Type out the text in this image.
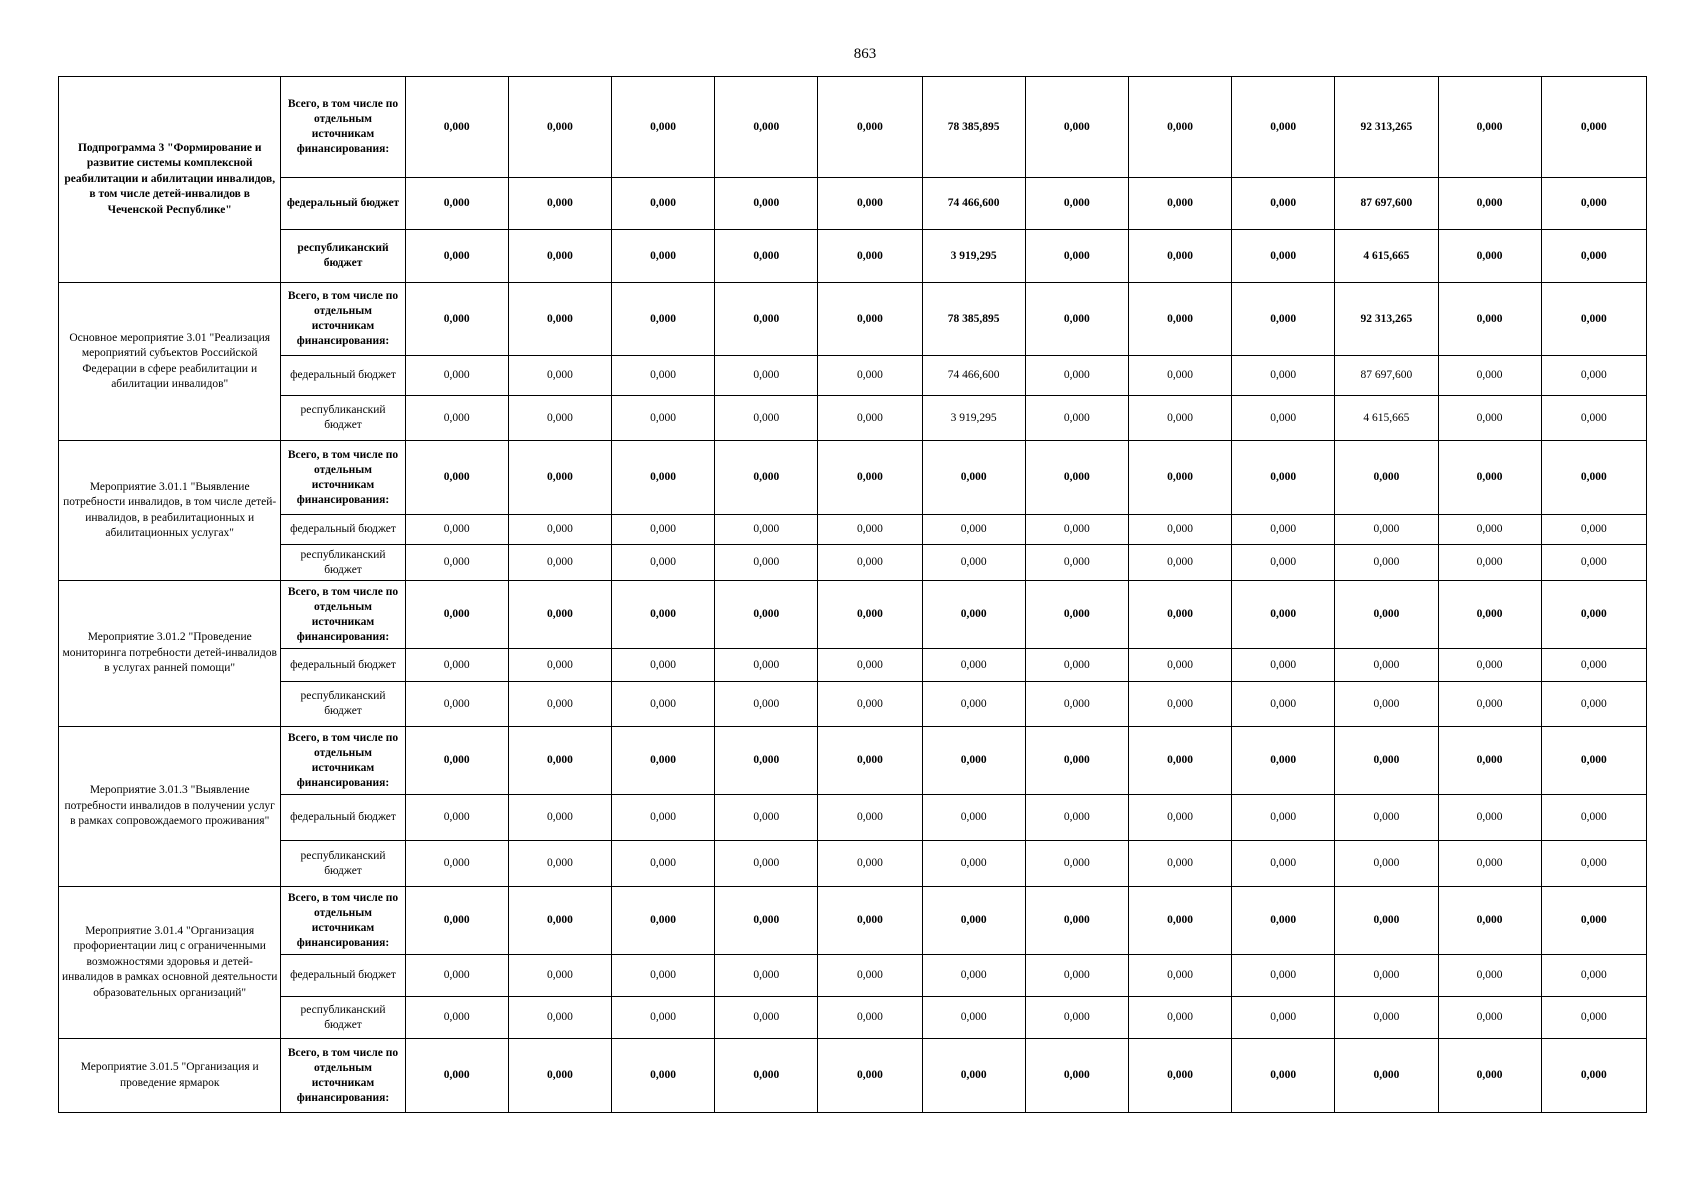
863
Подпрограмма 3 "Формирование и развитие системы комплексной реабилитации и абилитации инвалидов, в том числе детей-инвалидов в Чеченской Республике"	Всего, в том числе по отдельным источникам финансирования:	0,000	0,000	0,000	0,000	0,000	78 385,895	0,000	0,000	0,000	92 313,265	0,000	0,000
	федеральный бюджет	0,000	0,000	0,000	0,000	0,000	74 466,600	0,000	0,000	0,000	87 697,600	0,000	0,000
	республиканский бюджет	0,000	0,000	0,000	0,000	0,000	3 919,295	0,000	0,000	0,000	4 615,665	0,000	0,000
Основное мероприятие 3.01 "Реализация мероприятий субъектов Российской Федерации в сфере реабилитации и абилитации инвалидов"	Всего, в том числе по отдельным источникам финансирования:	0,000	0,000	0,000	0,000	0,000	78 385,895	0,000	0,000	0,000	92 313,265	0,000	0,000
	федеральный бюджет	0,000	0,000	0,000	0,000	0,000	74 466,600	0,000	0,000	0,000	87 697,600	0,000	0,000
	республиканский бюджет	0,000	0,000	0,000	0,000	0,000	3 919,295	0,000	0,000	0,000	4 615,665	0,000	0,000
Мероприятие 3.01.1 "Выявление потребности инвалидов, в том числе детей-инвалидов, в реабилитационных и абилитационных услугах"	Всего, в том числе по отдельным источникам финансирования:	0,000	0,000	0,000	0,000	0,000	0,000	0,000	0,000	0,000	0,000	0,000	0,000
	федеральный бюджет	0,000	0,000	0,000	0,000	0,000	0,000	0,000	0,000	0,000	0,000	0,000	0,000
	республиканский бюджет	0,000	0,000	0,000	0,000	0,000	0,000	0,000	0,000	0,000	0,000	0,000	0,000
Мероприятие 3.01.2 "Проведение мониторинга потребности детей-инвалидов в услугах ранней помощи"	Всего, в том числе по отдельным источникам финансирования:	0,000	0,000	0,000	0,000	0,000	0,000	0,000	0,000	0,000	0,000	0,000	0,000
	федеральный бюджет	0,000	0,000	0,000	0,000	0,000	0,000	0,000	0,000	0,000	0,000	0,000	0,000
	республиканский бюджет	0,000	0,000	0,000	0,000	0,000	0,000	0,000	0,000	0,000	0,000	0,000	0,000
Мероприятие 3.01.3 "Выявление потребности инвалидов в получении услуг в рамках сопровождаемого проживания"	Всего, в том числе по отдельным источникам финансирования:	0,000	0,000	0,000	0,000	0,000	0,000	0,000	0,000	0,000	0,000	0,000	0,000
	федеральный бюджет	0,000	0,000	0,000	0,000	0,000	0,000	0,000	0,000	0,000	0,000	0,000	0,000
	республиканский бюджет	0,000	0,000	0,000	0,000	0,000	0,000	0,000	0,000	0,000	0,000	0,000	0,000
Мероприятие 3.01.4 "Организация профориентации лиц с ограниченными возможностями здоровья и детей-инвалидов в рамках основной деятельности образовательных организаций"	Всего, в том числе по отдельным источникам финансирования:	0,000	0,000	0,000	0,000	0,000	0,000	0,000	0,000	0,000	0,000	0,000	0,000
	федеральный бюджет	0,000	0,000	0,000	0,000	0,000	0,000	0,000	0,000	0,000	0,000	0,000	0,000
	республиканский бюджет	0,000	0,000	0,000	0,000	0,000	0,000	0,000	0,000	0,000	0,000	0,000	0,000
Мероприятие 3.01.5 "Организация и проведение ярмарок	Всего, в том числе по отдельным источникам финансирования:	0,000	0,000	0,000	0,000	0,000	0,000	0,000	0,000	0,000	0,000	0,000	0,000
